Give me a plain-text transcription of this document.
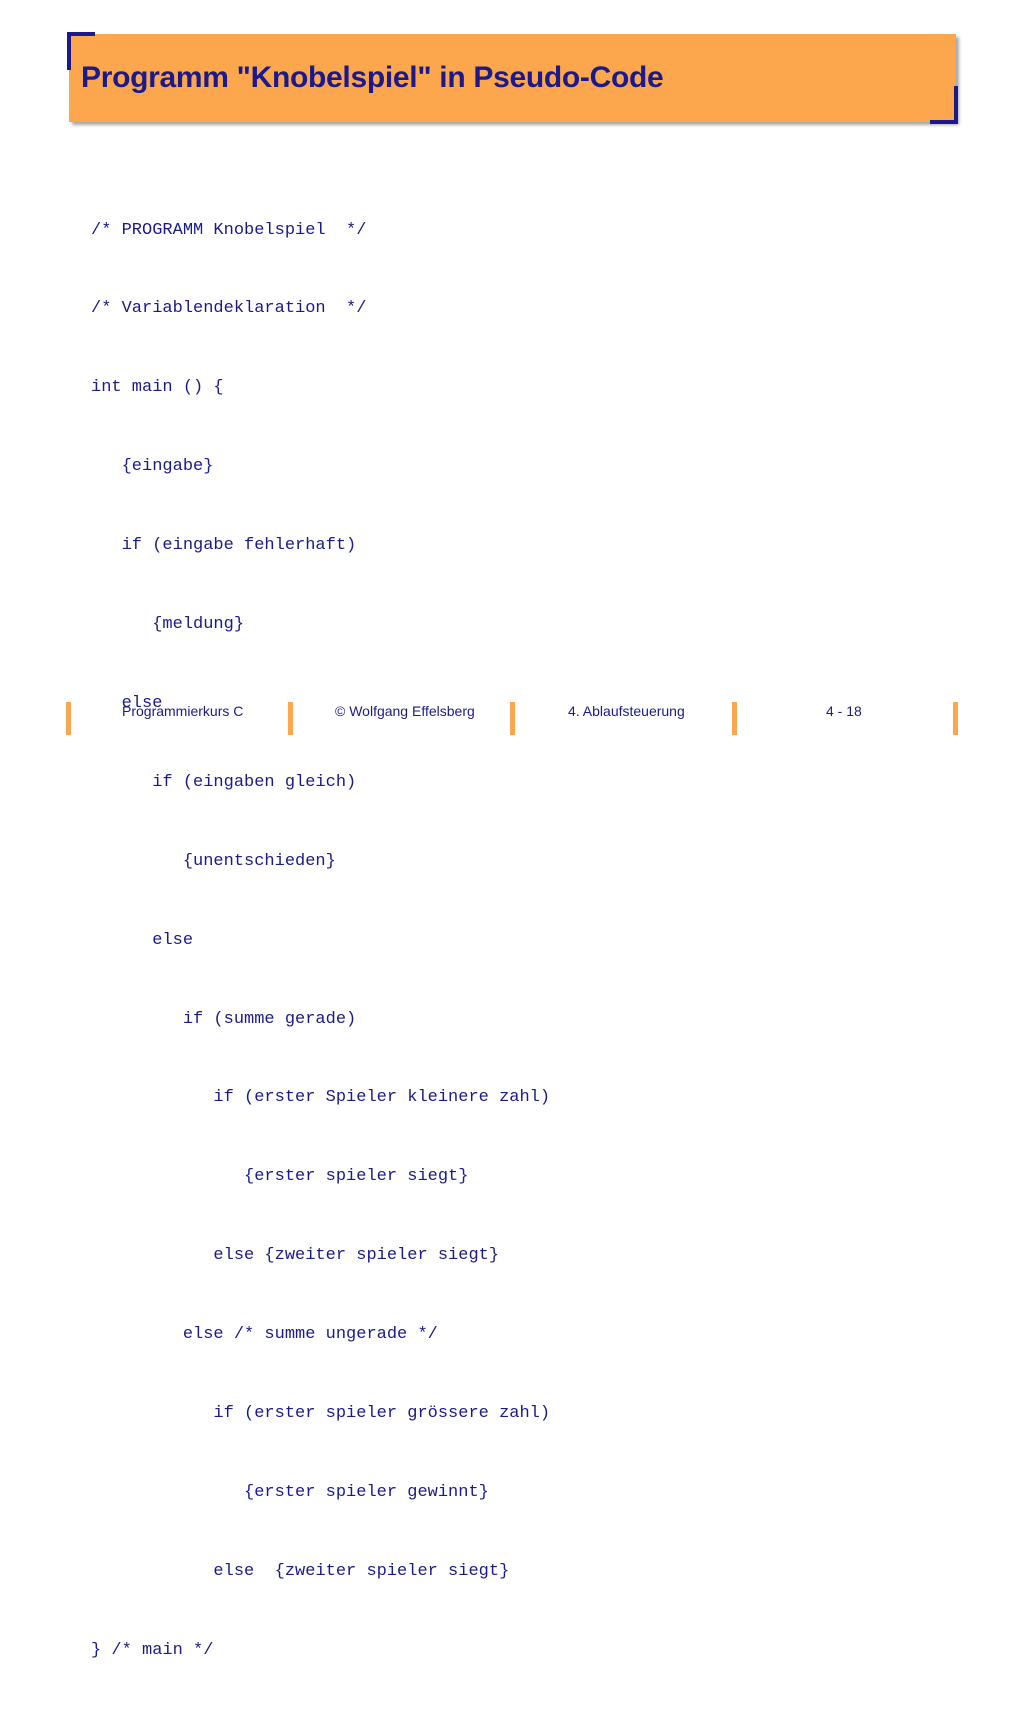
Programm "Knobelspiel" in Pseudo-Code

/* PROGRAMM Knobelspiel  */

/* Variablendeklaration  */

int main () {

{eingabe}

if (eingabe fehlerhaft)

{meldung}

else

if (eingaben gleich)

{unentschieden}

else

if (summe gerade)

if (erster Spieler kleinere zahl)

{erster spieler siegt}

else {zweiter spieler siegt}

else /* summe ungerade */

if (erster spieler grössere zahl)

{erster spieler gewinnt}

else  {zweiter spieler siegt}

} /* main */

Programmierkurs C	© Wolfgang Effelsberg	4. Ablaufsteuerung	4 - 18
